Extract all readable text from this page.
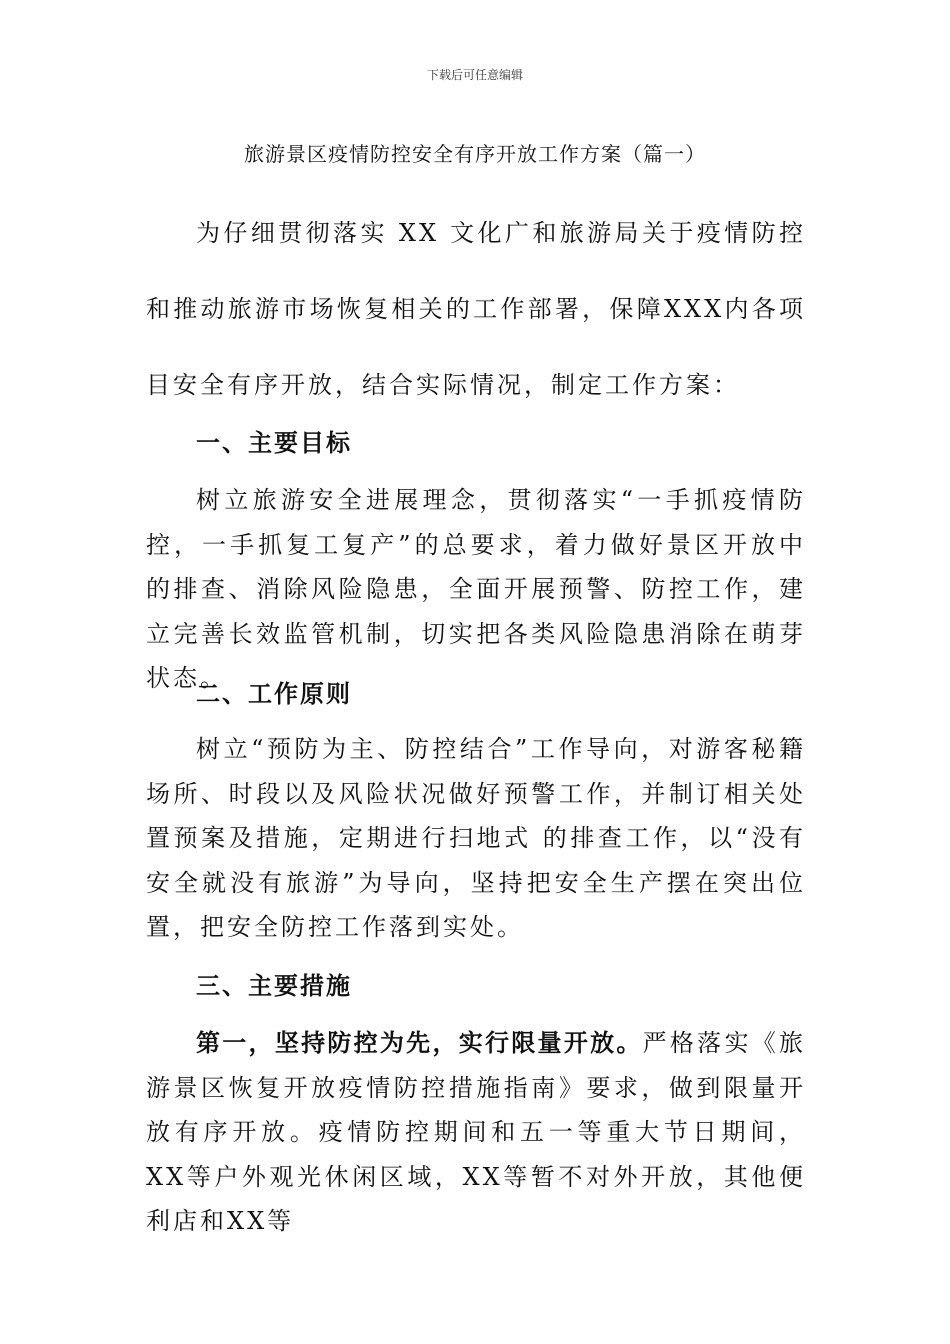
下载后可任意编辑
旅游景区疫情防控安全有序开放工作方案（篇一）

为仔细贯彻落实 XX 文化广和旅游局关于疫情防控和推动旅游市场恢复相关的工作部署，保障XXX内各项目安全有序开放，结合实际情况，制定工作方案：

一、主要目标

树立旅游安全进展理念，贯彻落实“一手抓疫情防控，一手抓复工复产”的总要求，着力做好景区开放中的排查、消除风险隐患，全面开展预警、防控工作，建立完善长效监管机制，切实把各类风险隐患消除在萌芽状态。

二、工作原则

树立“预防为主、防控结合”工作导向，对游客秘籍场所、时段以及风险状况做好预警工作，并制订相关处置预案及措施，定期进行扫地式 的排查工作，以“没有安全就没有旅游”为导向，坚持把安全生产摆在突出位置，把安全防控工作落到实处。

三、主要措施

第一，坚持防控为先，实行限量开放。严格落实《旅游景区恢复开放疫情防控措施指南》要求，做到限量开放有序开放。疫情防控期间和五一等重大节日期间，XX等户外观光休闲区域，XX等暂不对外开放，其他便利店和XX等
